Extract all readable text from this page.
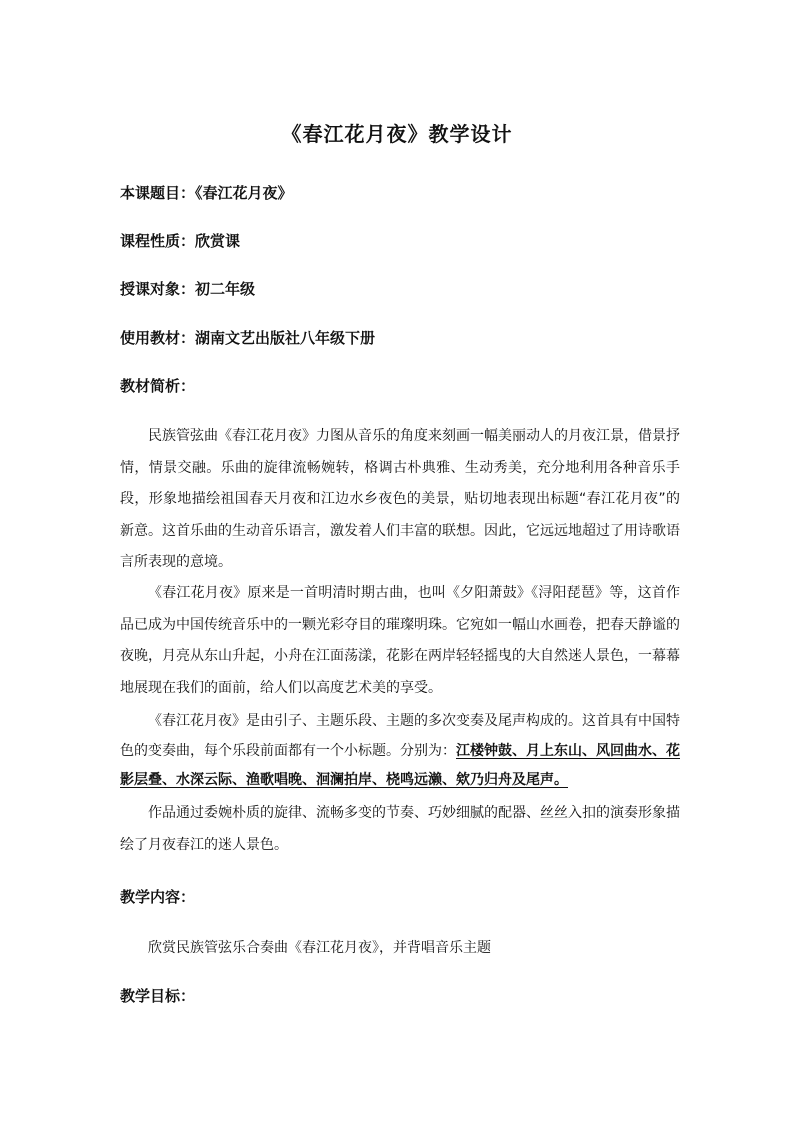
《春江花月夜》教学设计
本课题目：《春江花月夜》
课程性质：欣赏课
授课对象：初二年级
使用教材：湖南文艺出版社八年级下册
教材简析：
民族管弦曲《春江花月夜》力图从音乐的角度来刻画一幅美丽动人的月夜江景，借景抒情，情景交融。乐曲的旋律流畅婉转，格调古朴典雅、生动秀美，充分地利用各种音乐手段，形象地描绘祖国春天月夜和江边水乡夜色的美景，贴切地表现出标题“春江花月夜”的新意。这首乐曲的生动音乐语言，激发着人们丰富的联想。因此，它远远地超过了用诗歌语言所表现的意境。
《春江花月夜》原来是一首明清时期古曲，也叫《夕阳萧鼓》《浔阳琵琶》等，这首作品已成为中国传统音乐中的一颗光彩夺目的璀璨明珠。它宛如一幅山水画卷，把春天静谧的夜晚，月亮从东山升起，小舟在江面荡漾，花影在两岸轻轻摇曳的大自然迷人景色，一幕幕地展现在我们的面前，给人们以高度艺术美的享受。
《春江花月夜》是由引子、主题乐段、主题的多次变奏及尾声构成的。这首具有中国特色的变奏曲，每个乐段前面都有一个小标题。分别为：江楼钟鼓、月上东山、风回曲水、花影层叠、水深云际、渔歌唱晚、洄澜拍岸、桡鸣远濑、欸乃归舟及尾声。
作品通过委婉朴质的旋律、流畅多变的节奏、巧妙细腻的配器、丝丝入扣的演奏形象描绘了月夜春江的迷人景色。
教学内容：
欣赏民族管弦乐合奏曲《春江花月夜》，并背唱音乐主题
教学目标：
